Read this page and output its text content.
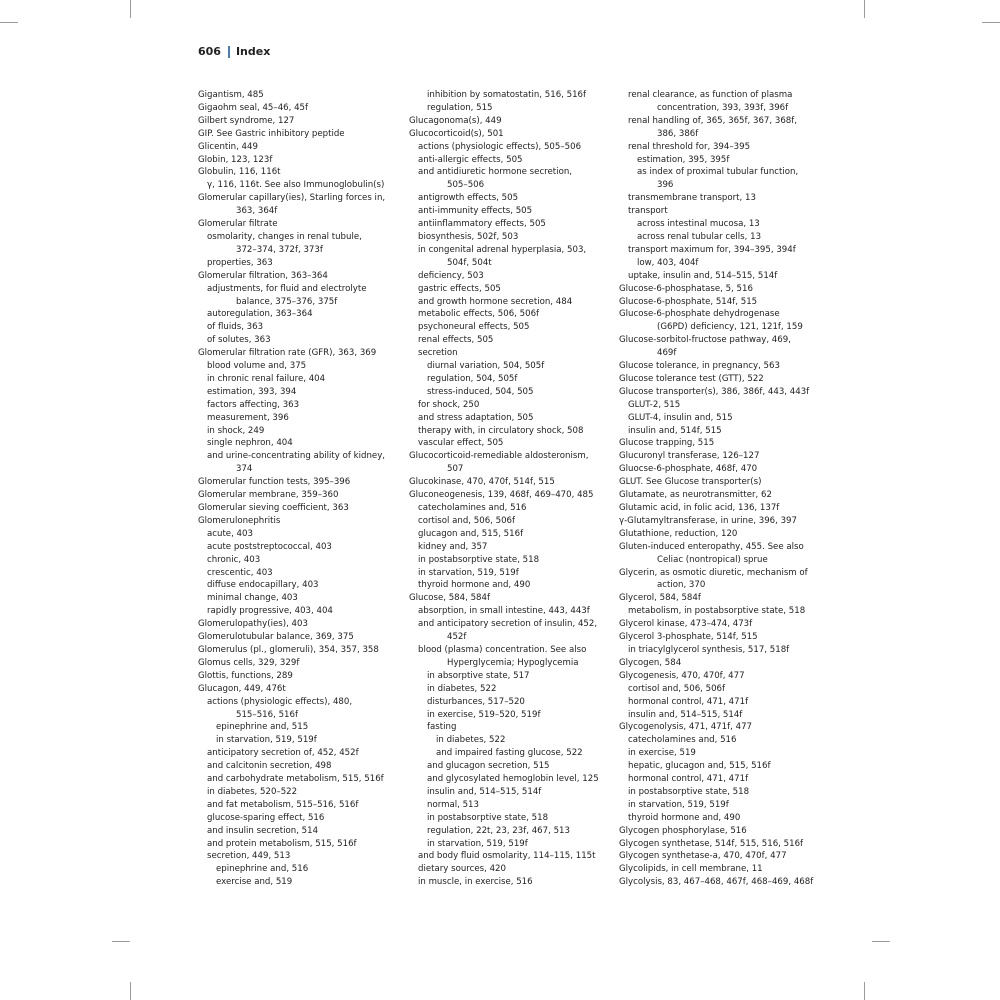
606 Index
Gigantism, 485
Gigaohm seal, 45–46, 45f
Gilbert syndrome, 127
GIP. See Gastric inhibitory peptide
Glicentin, 449
Globin, 123, 123f
Globulin, 116, 116t
γ, 116, 116t. See also Immunoglobulin(s)
Glomerular capillary(ies), Starling forces in,
363, 364f
Glomerular filtrate
osmolarity, changes in renal tubule,
372–374, 372f, 373f
properties, 363
Glomerular filtration, 363–364
adjustments, for fluid and electrolyte
balance, 375–376, 375f
autoregulation, 363–364
of fluids, 363
of solutes, 363
Glomerular filtration rate (GFR), 363, 369
blood volume and, 375
in chronic renal failure, 404
estimation, 393, 394
factors affecting, 363
measurement, 396
in shock, 249
single nephron, 404
and urine-concentrating ability of kidney,
374
Glomerular function tests, 395–396
Glomerular membrane, 359–360
Glomerular sieving coefficient, 363
Glomerulonephritis
acute, 403
acute poststreptococcal, 403
chronic, 403
crescentic, 403
diffuse endocapillary, 403
minimal change, 403
rapidly progressive, 403, 404
Glomerulopathy(ies), 403
Glomerulotubular balance, 369, 375
Glomerulus (pl., glomeruli), 354, 357, 358
Glomus cells, 329, 329f
Glottis, functions, 289
Glucagon, 449, 476t
actions (physiologic effects), 480,
515–516, 516f
epinephrine and, 515
in starvation, 519, 519f
anticipatory secretion of, 452, 452f
and calcitonin secretion, 498
and carbohydrate metabolism, 515, 516f
in diabetes, 520–522
and fat metabolism, 515–516, 516f
glucose-sparing effect, 516
and insulin secretion, 514
and protein metabolism, 515, 516f
secretion, 449, 513
epinephrine and, 516
exercise and, 519
inhibition by somatostatin, 516, 516f
regulation, 515
Glucagonoma(s), 449
Glucocorticoid(s), 501
actions (physiologic effects), 505–506
anti-allergic effects, 505
and antidiuretic hormone secretion,
505–506
antigrowth effects, 505
anti-immunity effects, 505
antiinflammatory effects, 505
biosynthesis, 502f, 503
in congenital adrenal hyperplasia, 503,
504f, 504t
deficiency, 503
gastric effects, 505
and growth hormone secretion, 484
metabolic effects, 506, 506f
psychoneural effects, 505
renal effects, 505
secretion
diurnal variation, 504, 505f
regulation, 504, 505f
stress-induced, 504, 505
for shock, 250
and stress adaptation, 505
therapy with, in circulatory shock, 508
vascular effect, 505
Glucocorticoid-remediable aldosteronism,
507
Glucokinase, 470, 470f, 514f, 515
Gluconeogenesis, 139, 468f, 469–470, 485
catecholamines and, 516
cortisol and, 506, 506f
glucagon and, 515, 516f
kidney and, 357
in postabsorptive state, 518
in starvation, 519, 519f
thyroid hormone and, 490
Glucose, 584, 584f
absorption, in small intestine, 443, 443f
and anticipatory secretion of insulin, 452,
452f
blood (plasma) concentration. See also
Hyperglycemia; Hypoglycemia
in absorptive state, 517
in diabetes, 522
disturbances, 517–520
in exercise, 519–520, 519f
fasting
in diabetes, 522
and impaired fasting glucose, 522
and glucagon secretion, 515
and glycosylated hemoglobin level, 125
insulin and, 514–515, 514f
normal, 513
in postabsorptive state, 518
regulation, 22t, 23, 23f, 467, 513
in starvation, 519, 519f
and body fluid osmolarity, 114–115, 115t
dietary sources, 420
in muscle, in exercise, 516
renal clearance, as function of plasma
concentration, 393, 393f, 396f
renal handling of, 365, 365f, 367, 368f,
386, 386f
renal threshold for, 394–395
estimation, 395, 395f
as index of proximal tubular function,
396
transmembrane transport, 13
transport
across intestinal mucosa, 13
across renal tubular cells, 13
transport maximum for, 394–395, 394f
low, 403, 404f
uptake, insulin and, 514–515, 514f
Glucose-6-phosphatase, 5, 516
Glucose-6-phosphate, 514f, 515
Glucose-6-phosphate dehydrogenase
(G6PD) deficiency, 121, 121f, 159
Glucose-sorbitol-fructose pathway, 469,
469f
Glucose tolerance, in pregnancy, 563
Glucose tolerance test (GTT), 522
Glucose transporter(s), 386, 386f, 443, 443f
GLUT-2, 515
GLUT-4, insulin and, 515
insulin and, 514f, 515
Glucose trapping, 515
Glucuronyl transferase, 126–127
Gluocse-6-phosphate, 468f, 470
GLUT. See Glucose transporter(s)
Glutamate, as neurotransmitter, 62
Glutamic acid, in folic acid, 136, 137f
γ-Glutamyltransferase, in urine, 396, 397
Glutathione, reduction, 120
Gluten-induced enteropathy, 455. See also
Celiac (nontropical) sprue
Glycerin, as osmotic diuretic, mechanism of
action, 370
Glycerol, 584, 584f
metabolism, in postabsorptive state, 518
Glycerol kinase, 473–474, 473f
Glycerol 3-phosphate, 514f, 515
in triacylglycerol synthesis, 517, 518f
Glycogen, 584
Glycogenesis, 470, 470f, 477
cortisol and, 506, 506f
hormonal control, 471, 471f
insulin and, 514–515, 514f
Glycogenolysis, 471, 471f, 477
catecholamines and, 516
in exercise, 519
hepatic, glucagon and, 515, 516f
hormonal control, 471, 471f
in postabsorptive state, 518
in starvation, 519, 519f
thyroid hormone and, 490
Glycogen phosphorylase, 516
Glycogen synthetase, 514f, 515, 516, 516f
Glycogen synthetase-a, 470, 470f, 477
Glycolipids, in cell membrane, 11
Glycolysis, 83, 467–468, 467f, 468–469, 468f
